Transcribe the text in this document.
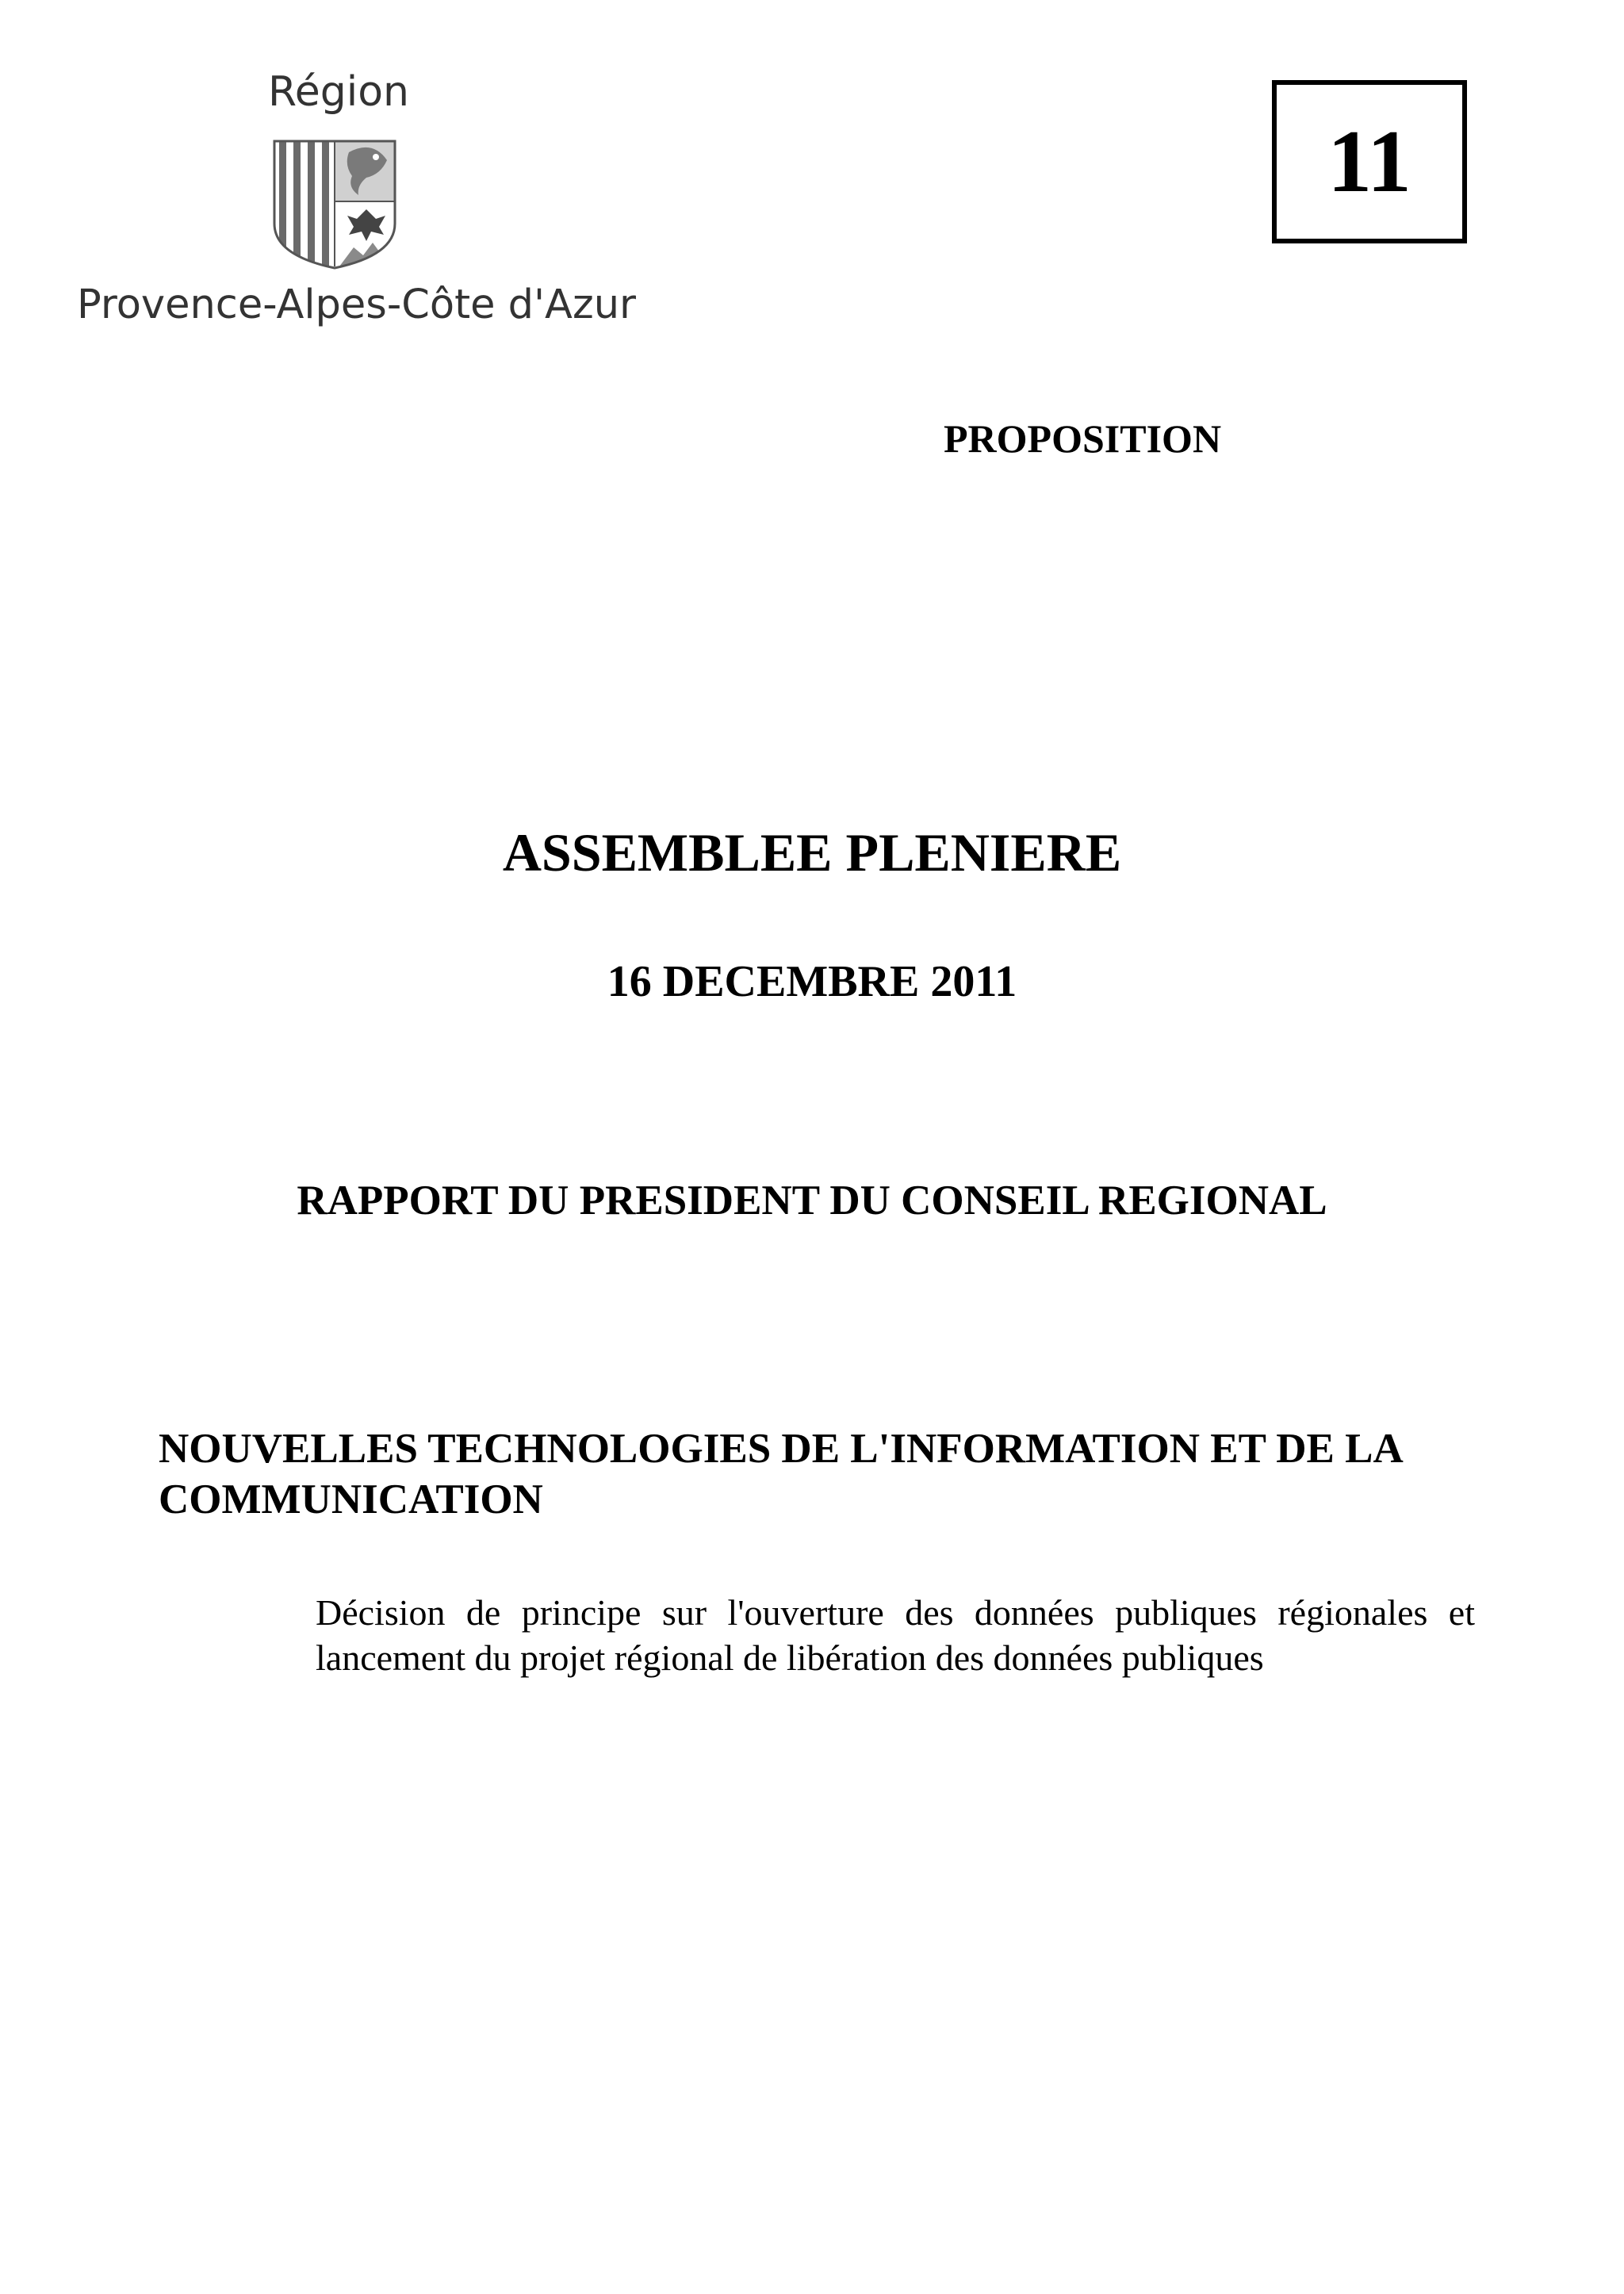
Région
Provence-Alpes-Côte d'Azur
11
PROPOSITION
ASSEMBLEE PLENIERE
16 DECEMBRE 2011
RAPPORT DU PRESIDENT DU CONSEIL REGIONAL
NOUVELLES TECHNOLOGIES DE L'INFORMATION ET DE LA COMMUNICATION
Décision de principe sur l'ouverture des données publiques régionales et lancement du projet régional de libération des données publiques
